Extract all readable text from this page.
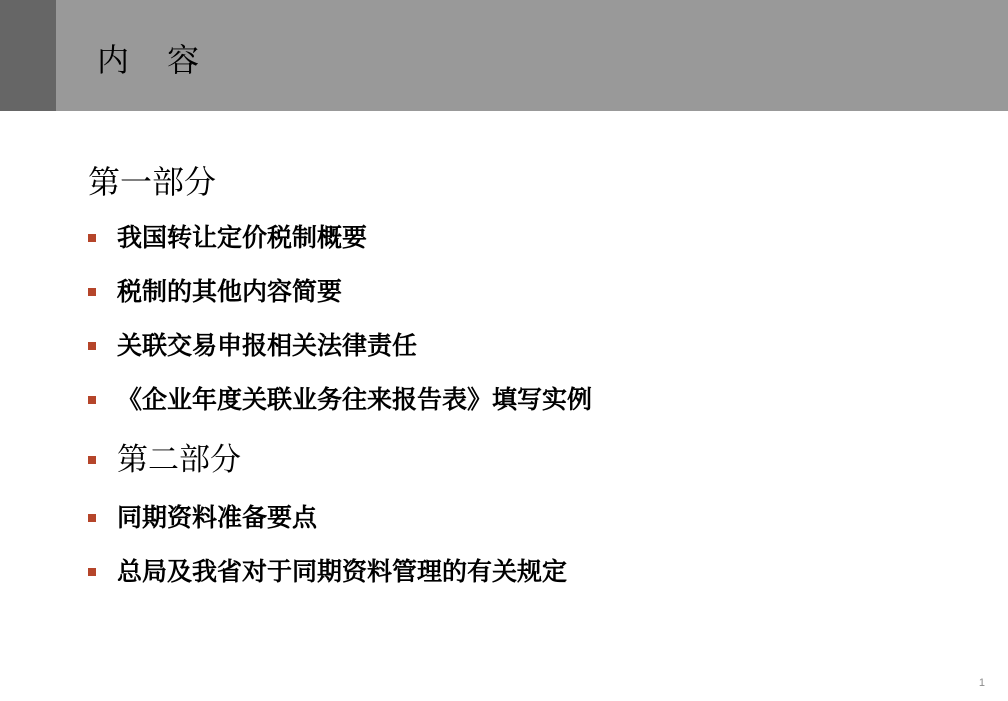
内 容
第一部分
我国转让定价税制概要
税制的其他内容简要
关联交易申报相关法律责任
《企业年度关联业务往来报告表》填写实例
第二部分
同期资料准备要点
总局及我省对于同期资料管理的有关规定
1
